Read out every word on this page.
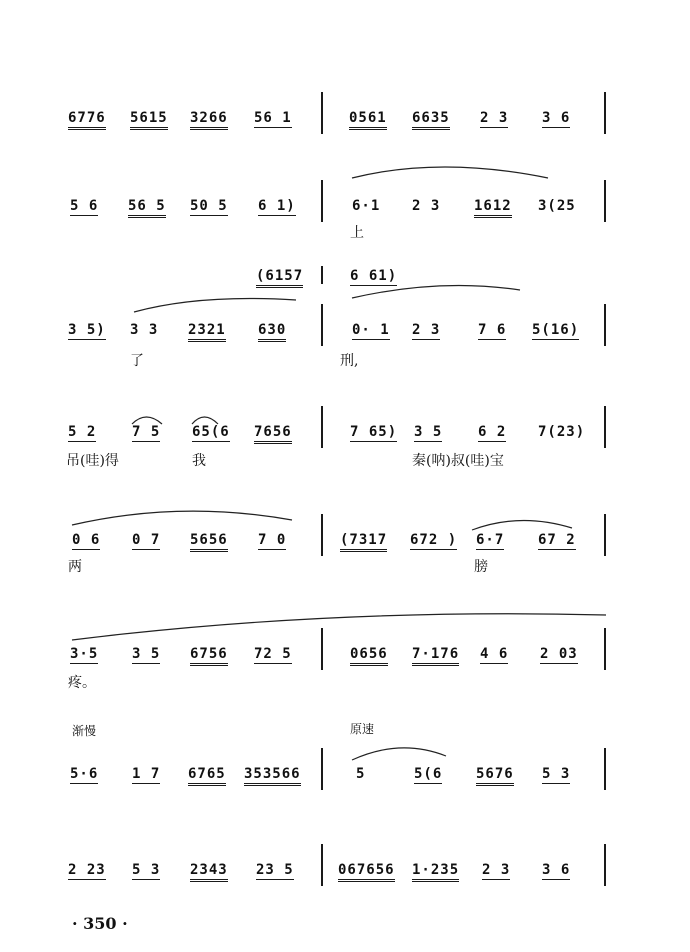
6776 5615 3266 56 1	0561 6635 2 3 3 6
5 6 56 5 50 5 6 1)	6·1 2 3 1612 3(25
上
(6157	6 61)
3 5) 3 3 2321 630	0· 1 2 3	7 6 5(16)
了	刑,
5 2	7 5 65(6 7656	7 65) 3 5	6 2 7(23)
吊(哇)得	我	秦(呐)叔(哇)宝
0 6 0 7 5656 7 0	(7317 672 ) 6·7 67 2
两	膀
3·5 3 5 6756 72 5	0656 7·176 4 6 2 03
疼。
渐慢	原速
5·6 1 7 6765 353566	5	5(6 5676 5 3
2 23 5 3 2343 23 5	067656 1·235 2 3 3 6
· 350 ·
